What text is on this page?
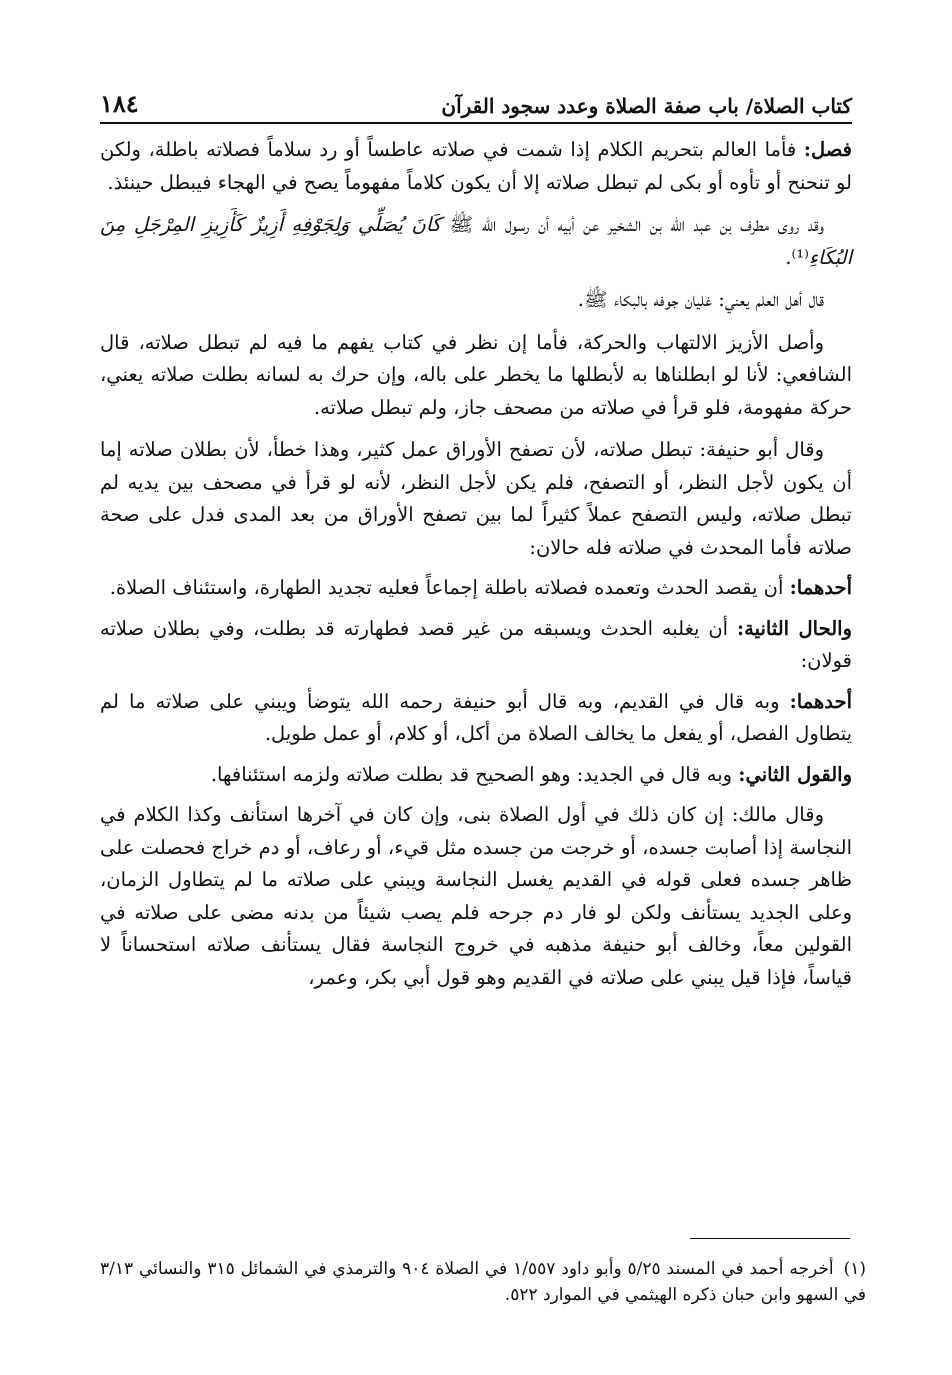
كتاب الصلاة/ باب صفة الصلاة وعدد سجود القرآن
١٨٤

فصل: فأما العالم بتحريم الكلام إذا شمت في صلاته عاطساً أو رد سلاماً فصلاته باطلة، ولكن لو تنحنح أو تأوه أو بكى لم تبطل صلاته إلا أن يكون كلاماً مفهوماً يصح في الهجاء فيبطل حينئذ.

وقد روى مطرف بن عبد الله بن الشخير عن أبيه أن رسول الله ﷺ كَانَ يُصَلِّي وَلِجَوْفِهِ أَزِيزٌ كَأَزِيزِ المِرْجَلِ مِنَ البُكَاءِ⁽¹⁾.

قال أهل العلم يعني: غليان جوفه بالبكاء ﷺ.

وأصل الأزيز الالتهاب والحركة، فأما إن نظر في كتاب يفهم ما فيه لم تبطل صلاته، قال الشافعي: لأنا لو ابطلناها به لأبطلها ما يخطر على باله، وإن حرك به لسانه بطلت صلاته يعني، حركة مفهومة، فلو قرأ في صلاته من مصحف جاز، ولم تبطل صلاته.

وقال أبو حنيفة: تبطل صلاته، لأن تصفح الأوراق عمل كثير، وهذا خطأ، لأن بطلان صلاته إما أن يكون لأجل النظر، أو التصفح، فلم يكن لأجل النظر، لأنه لو قرأ في مصحف بين يديه لم تبطل صلاته، وليس التصفح عملاً كثيراً لما بين تصفح الأوراق من بعد المدى فدل على صحة صلاته فأما المحدث في صلاته فله حالان:

أحدهما: أن يقصد الحدث وتعمده فصلاته باطلة إجماعاً فعليه تجديد الطهارة، واستئناف الصلاة.

والحال الثانية: أن يغلبه الحدث ويسبقه من غير قصد فطهارته قد بطلت، وفي بطلان صلاته قولان:

أحدهما: وبه قال في القديم، وبه قال أبو حنيفة رحمه الله يتوضأ ويبني على صلاته ما لم يتطاول الفصل، أو يفعل ما يخالف الصلاة من أكل، أو كلام، أو عمل طويل.

والقول الثاني: وبه قال في الجديد: وهو الصحيح قد بطلت صلاته ولزمه استئنافها.

وقال مالك: إن كان ذلك في أول الصلاة بنى، وإن كان في آخرها استأنف وكذا الكلام في النجاسة إذا أصابت جسده، أو خرجت من جسده مثل قيء، أو رعاف، أو دم خراج فحصلت على ظاهر جسده فعلى قوله في القديم يغسل النجاسة ويبني على صلاته ما لم يتطاول الزمان، وعلى الجديد يستأنف ولكن لو فار دم جرحه فلم يصب شيئاً من بدنه مضى على صلاته في القولين معاً، وخالف أبو حنيفة مذهبه في خروج النجاسة فقال يستأنف صلاته استحساناً لا قياساً، فإذا قيل يبني على صلاته في القديم وهو قول أبي بكر، وعمر،

(١)أخرجه أحمد في المسند ٥/٢٥ وأبو داود ١/٥٥٧ في الصلاة ٩٠٤ والترمذي في الشمائل ٣١٥ والنسائي ٣/١٣ في السهو وابن حبان ذكره الهيثمي في الموارد ٥٢٢.
